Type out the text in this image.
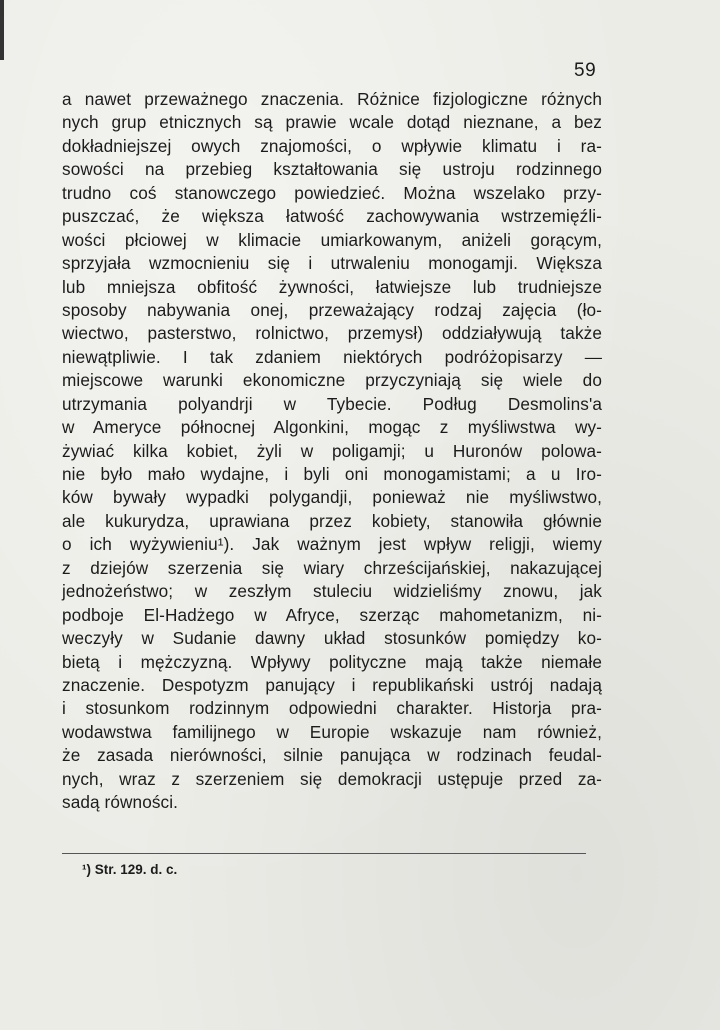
59
a nawet przeważnego znaczenia. Różnice fizjologiczne różnych
nych grup etnicznych są prawie wcale dotąd nieznane, a bez
dokładniejszej owych znajomości, o wpływie klimatu i ra-
sowości na przebieg kształtowania się ustroju rodzinnego
trudno coś stanowczego powiedzieć. Można wszelako przy-
puszczać, że większa łatwość zachowywania wstrzemięźli-
wości płciowej w klimacie umiarkowanym, aniżeli gorącym,
sprzyjała wzmocnieniu się i utrwaleniu monogamji. Większa
lub mniejsza obfitość żywności, łatwiejsze lub trudniejsze
sposoby nabywania onej, przeważający rodzaj zajęcia (ło-
wiectwo, pasterstwo, rolnictwo, przemysł) oddziaływują także
niewątpliwie. I tak zdaniem niektórych podróżopisarzy —
miejscowe warunki ekonomiczne przyczyniają się wiele do
utrzymania polyandrji w Tybecie. Podług Desmolins'a
w Ameryce północnej Algonkini, mogąc z myśliwstwa wy-
żywiać kilka kobiet, żyli w poligamji; u Huronów polowa-
nie było mało wydajne, i byli oni monogamistami; a u Iro-
ków bywały wypadki polygandji, ponieważ nie myśliwstwo,
ale kukurydza, uprawiana przez kobiety, stanowiła głównie
o ich wyżywieniu¹). Jak ważnym jest wpływ religji, wiemy
z dziejów szerzenia się wiary chrześcijańskiej, nakazującej
jednożeństwo; w zeszłym stuleciu widzieliśmy znowu, jak
podboje El-Hadżego w Afryce, szerząc mahometanizm, ni-
weczyły w Sudanie dawny układ stosunków pomiędzy ko-
bietą i mężczyzną. Wpływy polityczne mają także niemałe
znaczenie. Despotyzm panujący i republikański ustrój nadają
i stosunkom rodzinnym odpowiedni charakter. Historja pra-
wodawstwa familijnego w Europie wskazuje nam również,
że zasada nierówności, silnie panująca w rodzinach feudal-
nych, wraz z szerzeniem się demokracji ustępuje przed za-
sadą równości.
¹) Str. 129. d. c.
